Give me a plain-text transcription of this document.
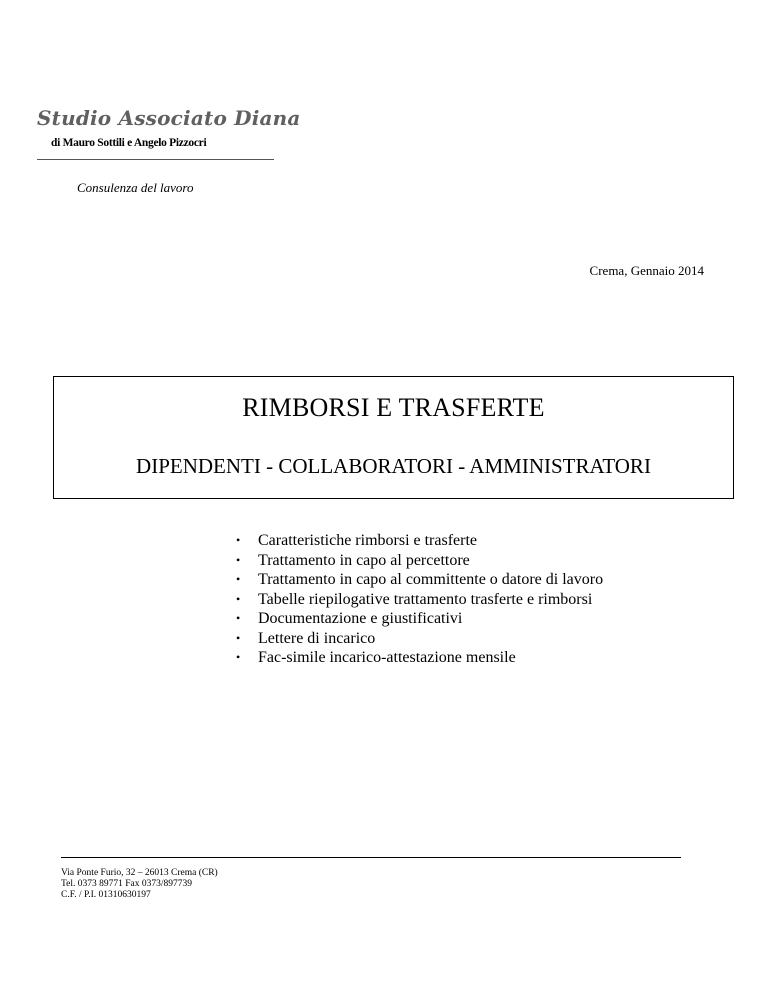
Studio Associato Diana
di Mauro Sottili e Angelo Pizzocri
Consulenza del lavoro
Crema, Gennaio 2014
RIMBORSI E TRASFERTE
DIPENDENTI - COLLABORATORI - AMMINISTRATORI
• Caratteristiche rimborsi e trasferte
• Trattamento in capo al percettore
• Trattamento in capo al committente o datore di lavoro
• Tabelle riepilogative trattamento trasferte e rimborsi
• Documentazione e giustificativi
• Lettere di incarico
• Fac-simile incarico-attestazione mensile
Via Ponte Furio, 32 – 26013 Crema (CR)
Tel. 0373 89771 Fax 0373/897739
C.F. / P.I. 01310630197
